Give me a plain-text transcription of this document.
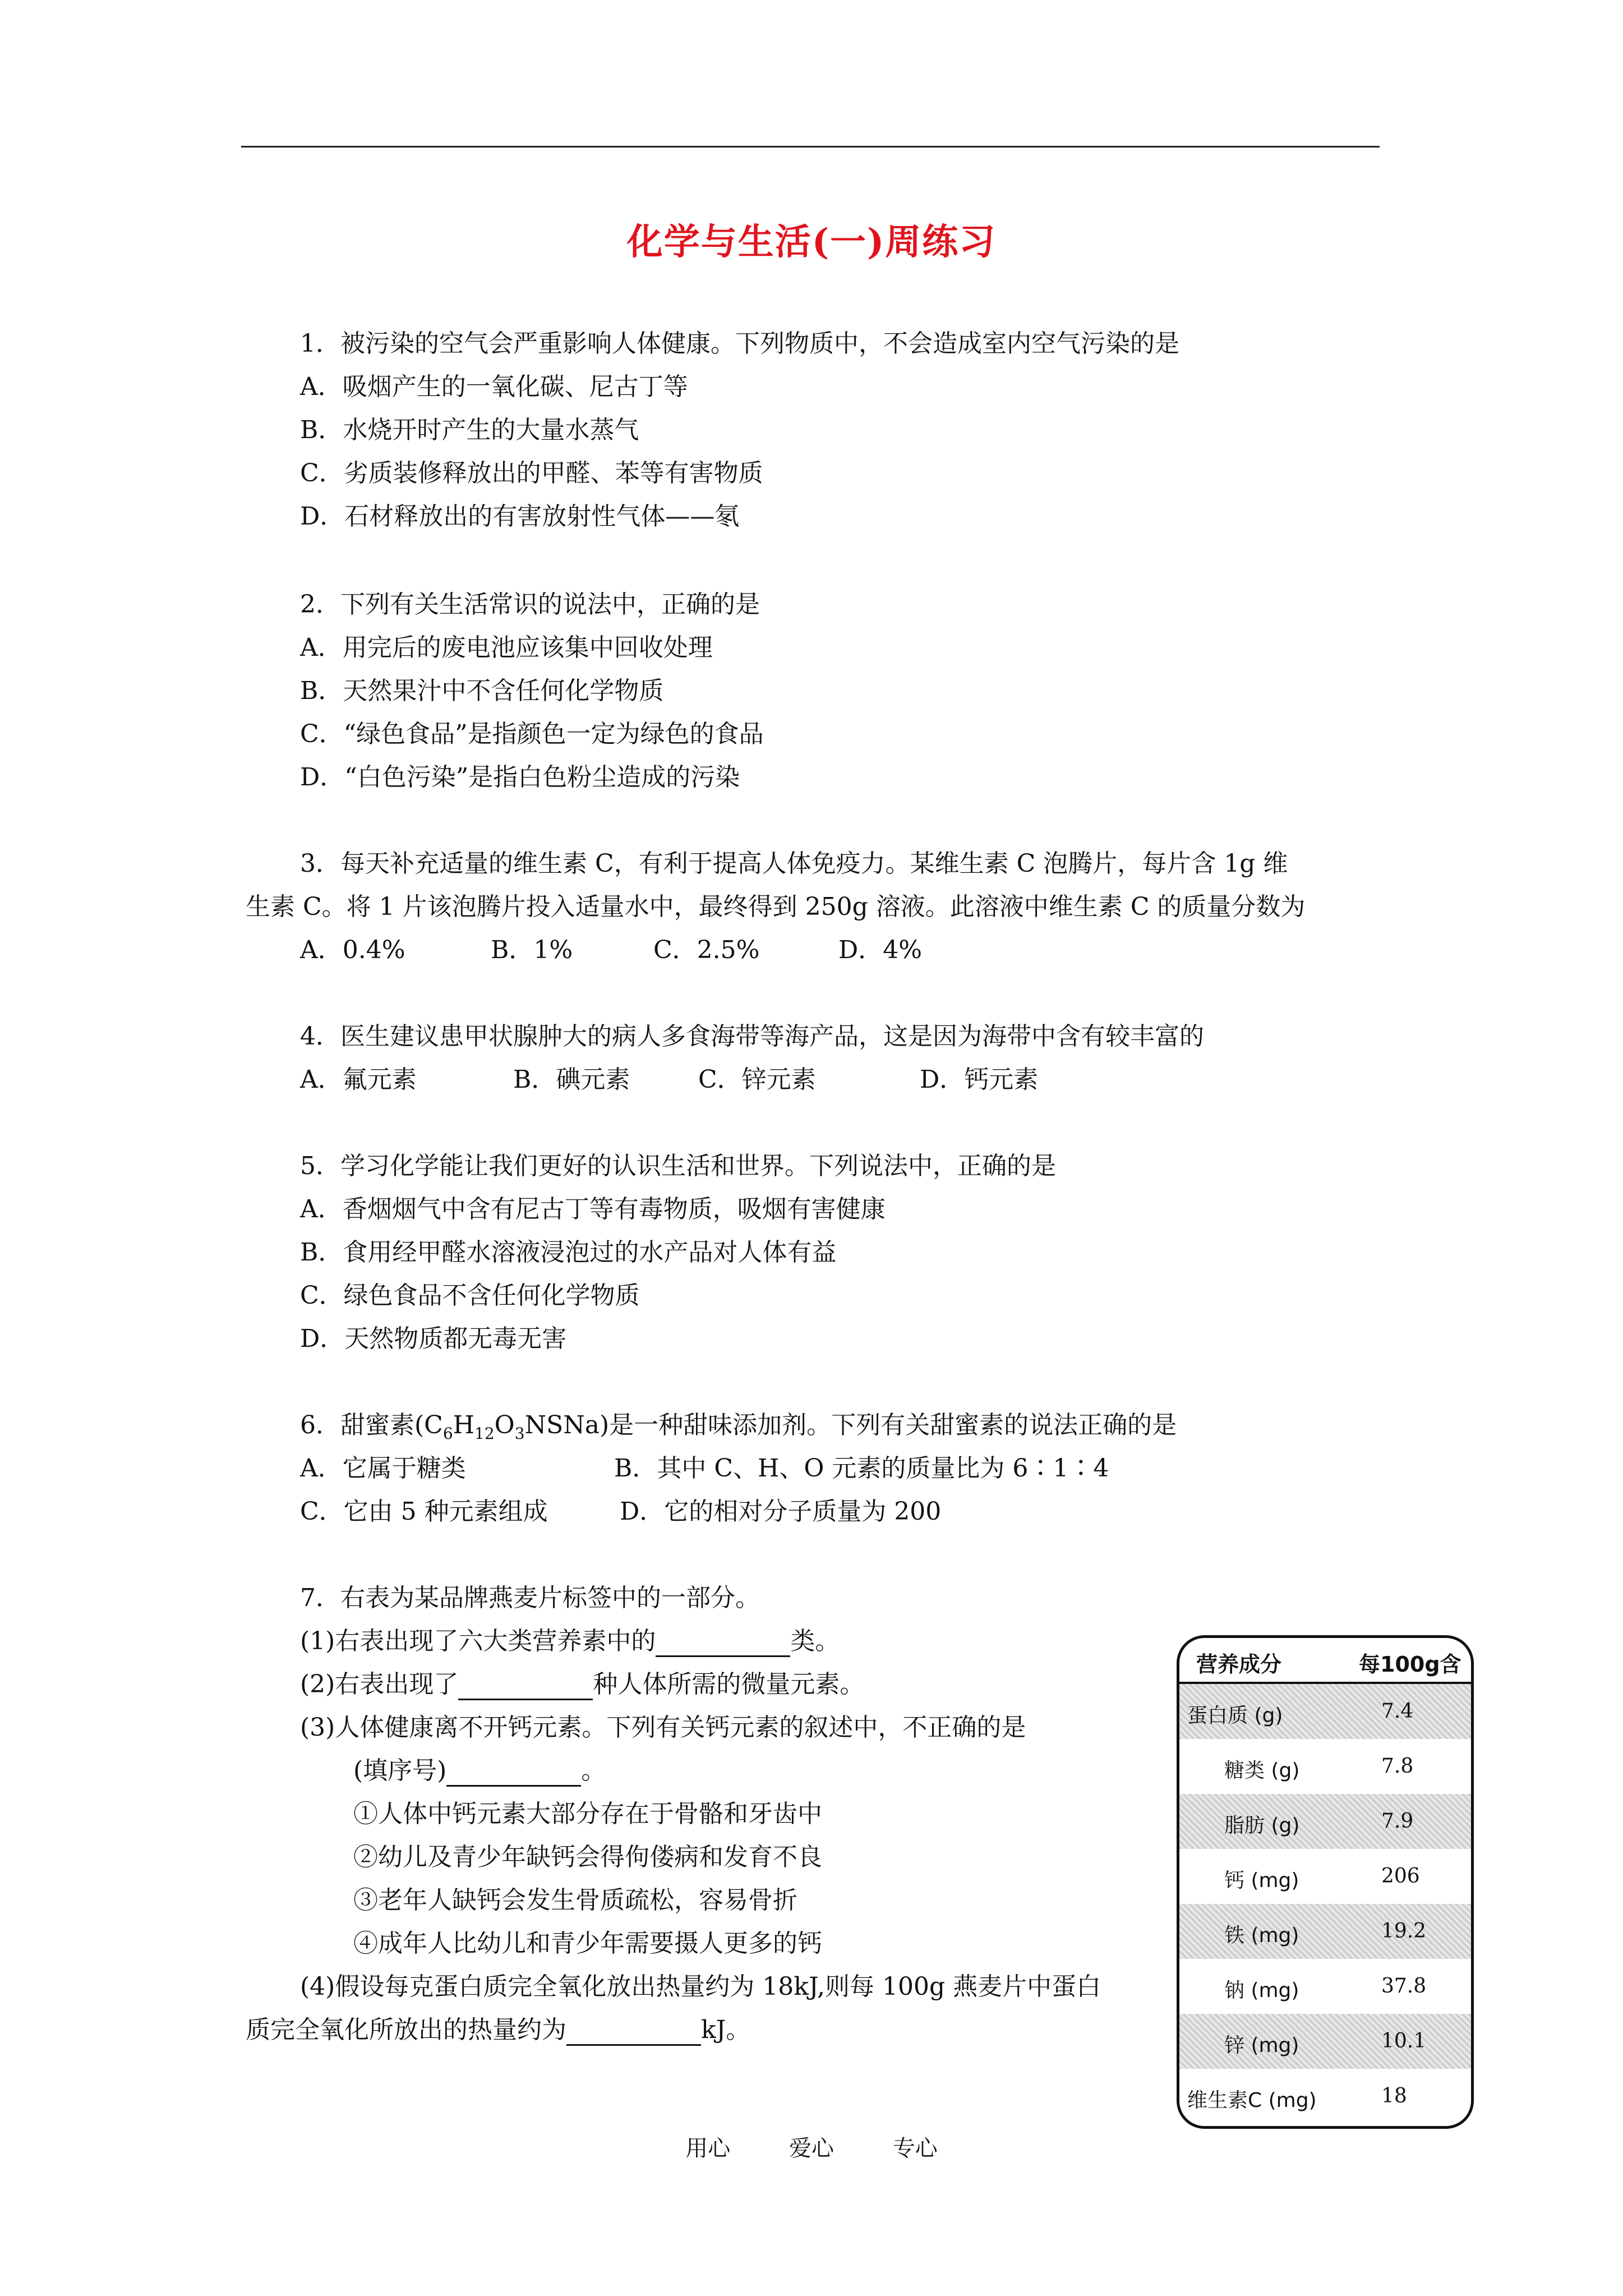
化学与生活(一)周练习
1．被污染的空气会严重影响人体健康。下列物质中，不会造成室内空气污染的是
A．吸烟产生的一氧化碳、尼古丁等
B．水烧开时产生的大量水蒸气
C．劣质装修释放出的甲醛、苯等有害物质
D．石材释放出的有害放射性气体——氡
2．下列有关生活常识的说法中，正确的是
A．用完后的废电池应该集中回收处理
B．天然果汁中不含任何化学物质
C．“绿色食品”是指颜色一定为绿色的食品
D．“白色污染”是指白色粉尘造成的污染
3．每天补充适量的维生素 C，有利于提高人体免疫力。某维生素 C 泡腾片，每片含 1g 维
生素 C。将 1 片该泡腾片投入适量水中，最终得到 250g 溶液。此溶液中维生素 C 的质量分数为
A．0.4%	B．1%	C．2.5%	D．4%
4．医生建议患甲状腺肿大的病人多食海带等海产品，这是因为海带中含有较丰富的
A．氟元素	B．碘元素	C．锌元素	D．钙元素
5．学习化学能让我们更好的认识生活和世界。下列说法中，正确的是
A．香烟烟气中含有尼古丁等有毒物质，吸烟有害健康
B．食用经甲醛水溶液浸泡过的水产品对人体有益
C．绿色食品不含任何化学物质
D．天然物质都无毒无害
6．甜蜜素$(C_6H_{12}O_3NSNa)$是一种甜味添加剂。下列有关甜蜜素的说法正确的是
A．它属于糖类	B．其中 C、H、O 元素的质量比为 6∶1∶4
C．它由 5 种元素组成	D．它的相对分子质量为 200
7．右表为某品牌燕麦片标签中的一部分。
(1)右表出现了六大类营养素中的	类。
(2)右表出现了	种人体所需的微量元素。
(3)人体健康离不开钙元素。下列有关钙元素的叙述中，不正确的是
(填序号)	。
①人体中钙元素大部分存在于骨骼和牙齿中
②幼儿及青少年缺钙会得佝偻病和发育不良
③老年人缺钙会发生骨质疏松，容易骨折
④成年人比幼儿和青少年需要摄人更多的钙
(4)假设每克蛋白质完全氧化放出热量约为 18kJ,则每 100g 燕麦片中蛋白
质完全氧化所放出的热量约为	kJ。
营养成分	每100g含
蛋白质 (g)	7.4
糖类 (g)	7.8
脂肪 (g)	7.9
钙 (mg)	206
铁 (mg)	19.2
钠 (mg)	37.8
锌 (mg)	10.1
维生素C (mg)	18
用心	爱心	专心
